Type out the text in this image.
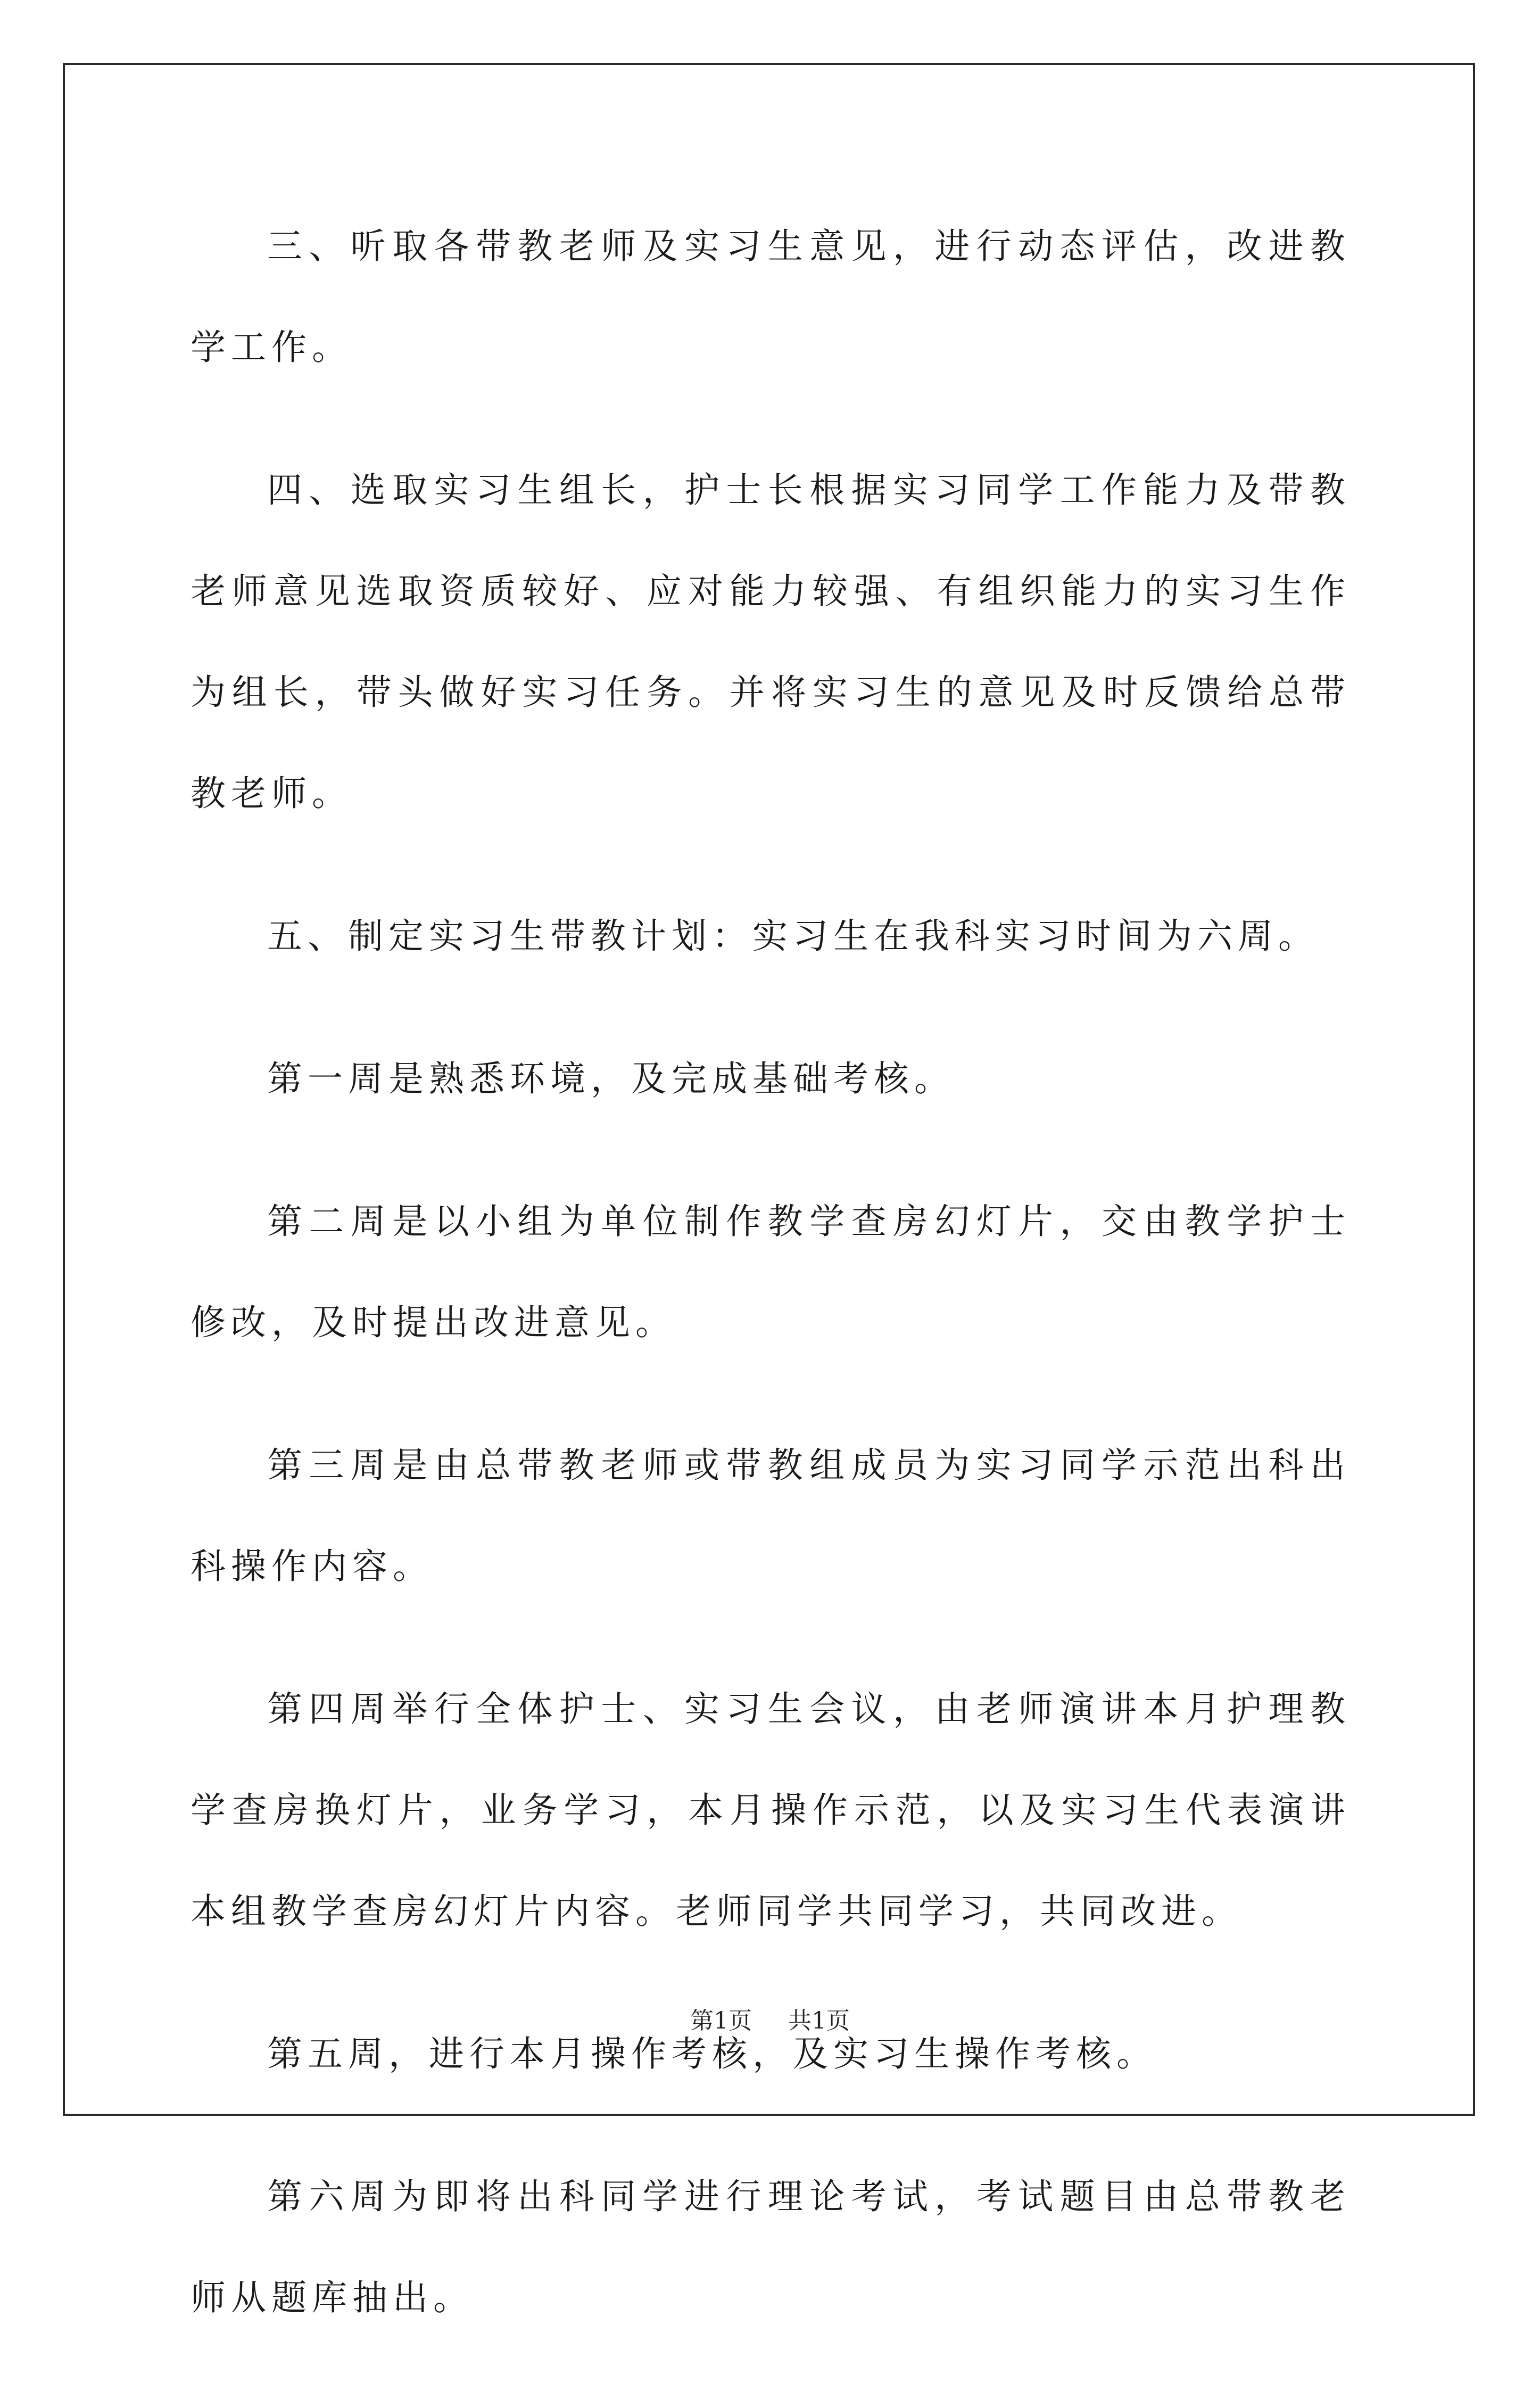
三、听取各带教老师及实习生意见，进行动态评估，改进教学工作。

四、选取实习生组长，护士长根据实习同学工作能力及带教老师意见选取资质较好、应对能力较强、有组织能力的实习生作为组长，带头做好实习任务。并将实习生的意见及时反馈给总带教老师。

五、制定实习生带教计划：实习生在我科实习时间为六周。

第一周是熟悉环境，及完成基础考核。

第二周是以小组为单位制作教学查房幻灯片，交由教学护士修改，及时提出改进意见。

第三周是由总带教老师或带教组成员为实习同学示范出科出科操作内容。

第四周举行全体护士、实习生会议，由老师演讲本月护理教学查房换灯片，业务学习，本月操作示范，以及实习生代表演讲本组教学查房幻灯片内容。老师同学共同学习，共同改进。

第五周，进行本月操作考核，及实习生操作考核。

第六周为即将出科同学进行理论考试，考试题目由总带教老师从题库抽出。

第1页 共1页
